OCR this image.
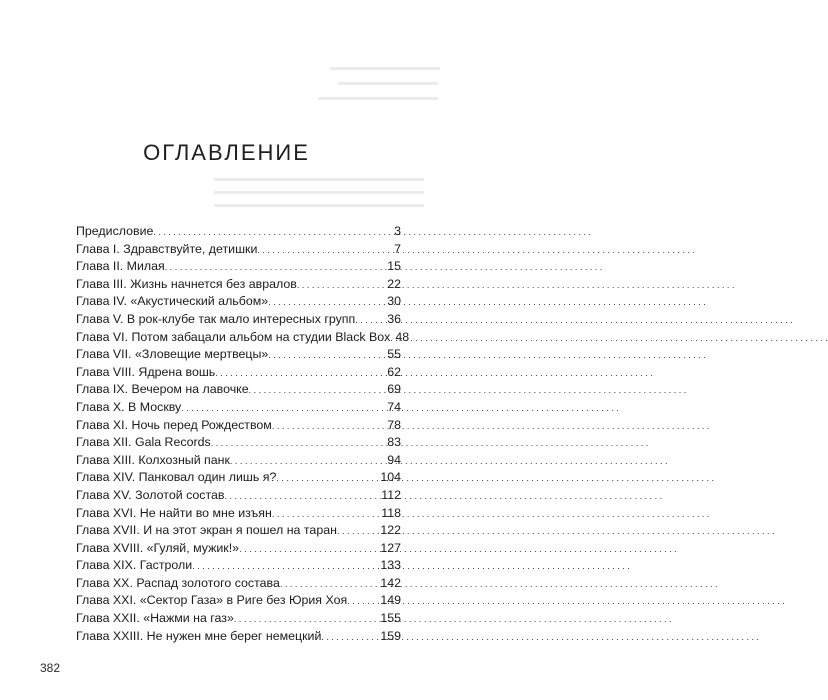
▬▬▬▬▬▬▬▬▬▬▬
▬▬▬▬▬▬▬▬▬▬
▬▬▬▬▬▬▬▬▬▬▬▬
▬▬▬▬▬▬▬▬▬▬▬▬▬▬▬▬▬▬▬▬▬
▬▬▬▬▬▬▬▬▬▬▬▬▬▬▬▬▬▬▬▬▬
▬▬▬▬▬▬▬▬▬▬▬▬▬▬▬▬▬▬▬▬▬
ОГЛАВЛЕНИЕ
Предисловие . . .	3
Глава I. Здравствуйте, детишки . . .	7
Глава II. Милая . . .	15
Глава III. Жизнь начнется без авралов . . .	22
Глава IV. «Акустический альбом» . . .	30
Глава V. В рок-клубе так мало интересных групп . . .	36
Глава VI. Потом забацали альбом на студии Black Box . . . 48
Глава VII. «Зловещие мертвецы» . . .	55
Глава VIII. Ядрена вошь . . .	62
Глава IX. Вечером на лавочке . . .	69
Глава X. В Москву . . .	74
Глава XI. Ночь перед Рождеством . . .	78
Глава XII. Gala Records . . .	83
Глава XIII. Колхозный панк . . .	94
Глава XIV. Панковал один лишь я? . . .	104
Глава XV. Золотой состав . . .	112
Глава XVI. Не найти во мне изъян . . .	118
Глава XVII. И на этот экран я пошел на таран . . .	122
Глава XVIII. «Гуляй, мужик!» . . .	127
Глава XIX. Гастроли . . .	133
Глава XX. Распад золотого состава . . .	142
Глава XXI. «Сектор Газа» в Риге без Юрия Хоя . . .	149
Глава XXII. «Нажми на газ» . . .	155
Глава XXIII. Не нужен мне берег немецкий . . .	159
382
